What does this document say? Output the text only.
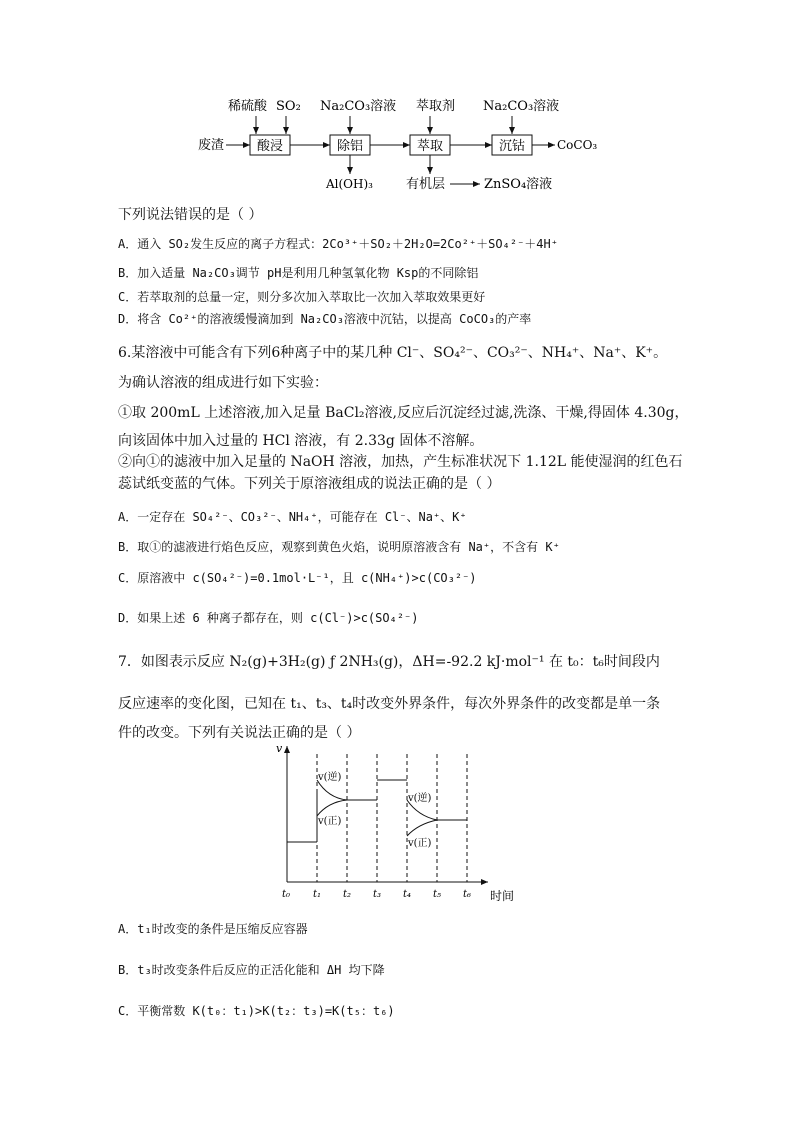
稀硫酸 SO₂ Na₂CO₃溶液 萃取剂 Na₂CO₃溶液
废渣	酸浸	除铝	萃取	沉钴	CoCO₃
Al(OH)₃	有机层	ZnSO₄溶液
下列说法错误的是（ ）
A．通入 SO₂发生反应的离子方程式：2Co³⁺＋SO₂＋2H₂O=2Co²⁺＋SO₄²⁻＋4H⁺
B．加入适量 Na₂CO₃调节 pH是利用几种氢氧化物 Ksp的不同除铝
C．若萃取剂的总量一定，则分多次加入萃取比一次加入萃取效果更好
D．将含 Co²⁺的溶液缓慢滴加到 Na₂CO₃溶液中沉钴，以提高 CoCO₃的产率
6.某溶液中可能含有下列6种离子中的某几种 Cl⁻、SO₄²⁻、CO₃²⁻、NH₄⁺、Na⁺、K⁺。
为确认溶液的组成进行如下实验：
①取 200mL 上述溶液,加入足量 BaCl₂溶液,反应后沉淀经过滤,洗涤、干燥,得固体 4.30g，
向该固体中加入过量的 HCl 溶液，有 2.33g 固体不溶解。
②向①的滤液中加入足量的 NaOH 溶液，加热，产生标准状况下 1.12L 能使湿润的红色石
蕊试纸变蓝的气体。下列关于原溶液组成的说法正确的是（ ）
A．一定存在 SO₄²⁻、CO₃²⁻、NH₄⁺，可能存在 Cl⁻、Na⁺、K⁺
B．取①的滤液进行焰色反应，观察到黄色火焰，说明原溶液含有 Na⁺，不含有 K⁺
C．原溶液中 c(SO₄²⁻)=0.1mol·L⁻¹，且 c(NH₄⁺)>c(CO₃²⁻)
D．如果上述 6 种离子都存在，则 c(Cl⁻)>c(SO₄²⁻)
7．如图表示反应 N₂(g)+3H₂(g) ƒ 2NH₃(g)，ΔH=-92.2 kJ·mol⁻¹ 在 t₀：t₆时间段内
反应速率的变化图，已知在 t₁、t₃、t₄时改变外界条件，每次外界条件的改变都是单一条
件的改变。下列有关说法正确的是（ ）
v
时间
t₀ t₁ t₂ t₃ t₄ t₅ t₆
v(逆)
v(正)
v(逆)
v(正)
A．t₁时改变的条件是压缩反应容器
B．t₃时改变条件后反应的正活化能和 ΔH 均下降
C．平衡常数 K(t₀：t₁)>K(t₂：t₃)=K(t₅：t₆)
